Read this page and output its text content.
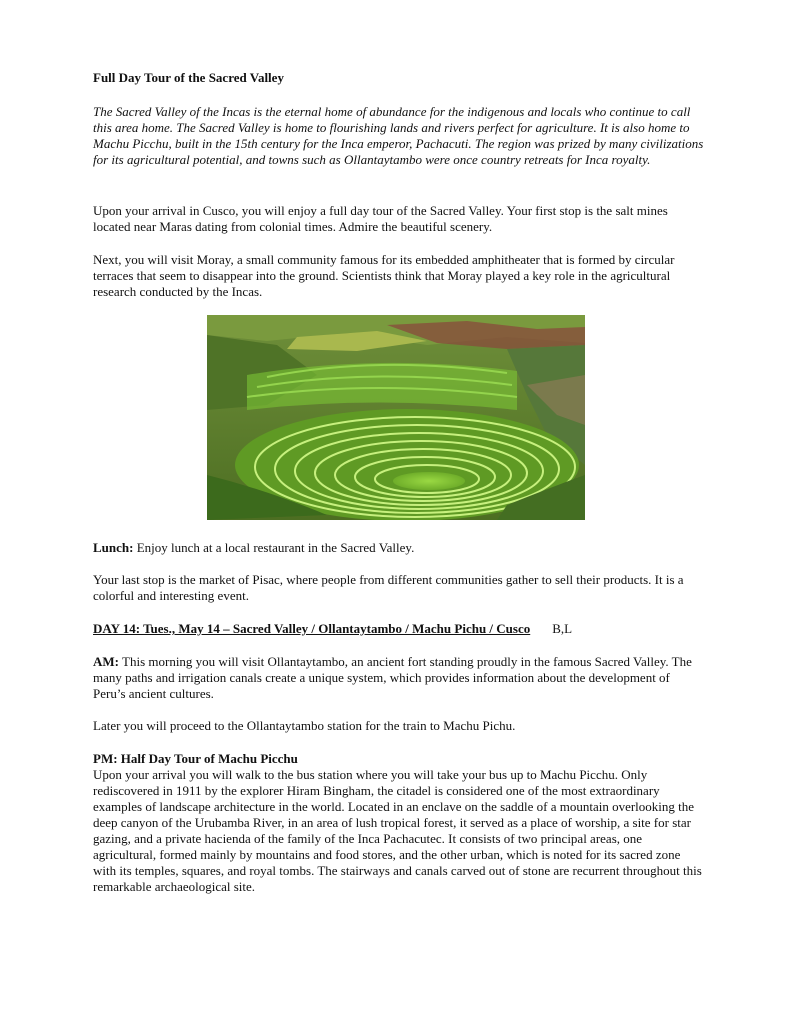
Full Day Tour of the Sacred Valley

The Sacred Valley of the Incas is the eternal home of abundance for the indigenous and locals who continue to call this area home. The Sacred Valley is home to flourishing lands and rivers perfect for agriculture. It is also home to Machu Picchu, built in the 15th century for the Inca emperor, Pachacuti. The region was prized by many civilizations for its agricultural potential, and towns such as Ollantaytambo were once country retreats for Inca royalty.

Upon your arrival in Cusco, you will enjoy a full day tour of the Sacred Valley. Your first stop is the salt mines located near Maras dating from colonial times. Admire the beautiful scenery.

Next, you will visit Moray, a small community famous for its embedded amphitheater that is formed by circular terraces that seem to disappear into the ground. Scientists think that Moray played a key role in the agricultural research conducted by the Incas.

Lunch: Enjoy lunch at a local restaurant in the Sacred Valley.

Your last stop is the market of Pisac, where people from different communities gather to sell their products. It is a colorful and interesting event.

DAY 14: Tues., May 14 – Sacred Valley / Ollantaytambo / Machu Pichu / Cusco B,L

AM: This morning you will visit Ollantaytambo, an ancient fort standing proudly in the famous Sacred Valley. The many paths and irrigation canals create a unique system, which provides information about the development of Peru’s ancient cultures.

Later you will proceed to the Ollantaytambo station for the train to Machu Pichu.

PM: Half Day Tour of Machu Picchu

Upon your arrival you will walk to the bus station where you will take your bus up to Machu Picchu. Only rediscovered in 1911 by the explorer Hiram Bingham, the citadel is considered one of the most extraordinary examples of landscape architecture in the world. Located in an enclave on the saddle of a mountain overlooking the deep canyon of the Urubamba River, in an area of lush tropical forest, it served as a place of worship, a site for star gazing, and a private hacienda of the family of the Inca Pachacutec. It consists of two principal areas, one agricultural, formed mainly by mountains and food stores, and the other urban, which is noted for its sacred zone with its temples, squares, and royal tombs. The stairways and canals carved out of stone are recurrent throughout this remarkable archaeological site.
